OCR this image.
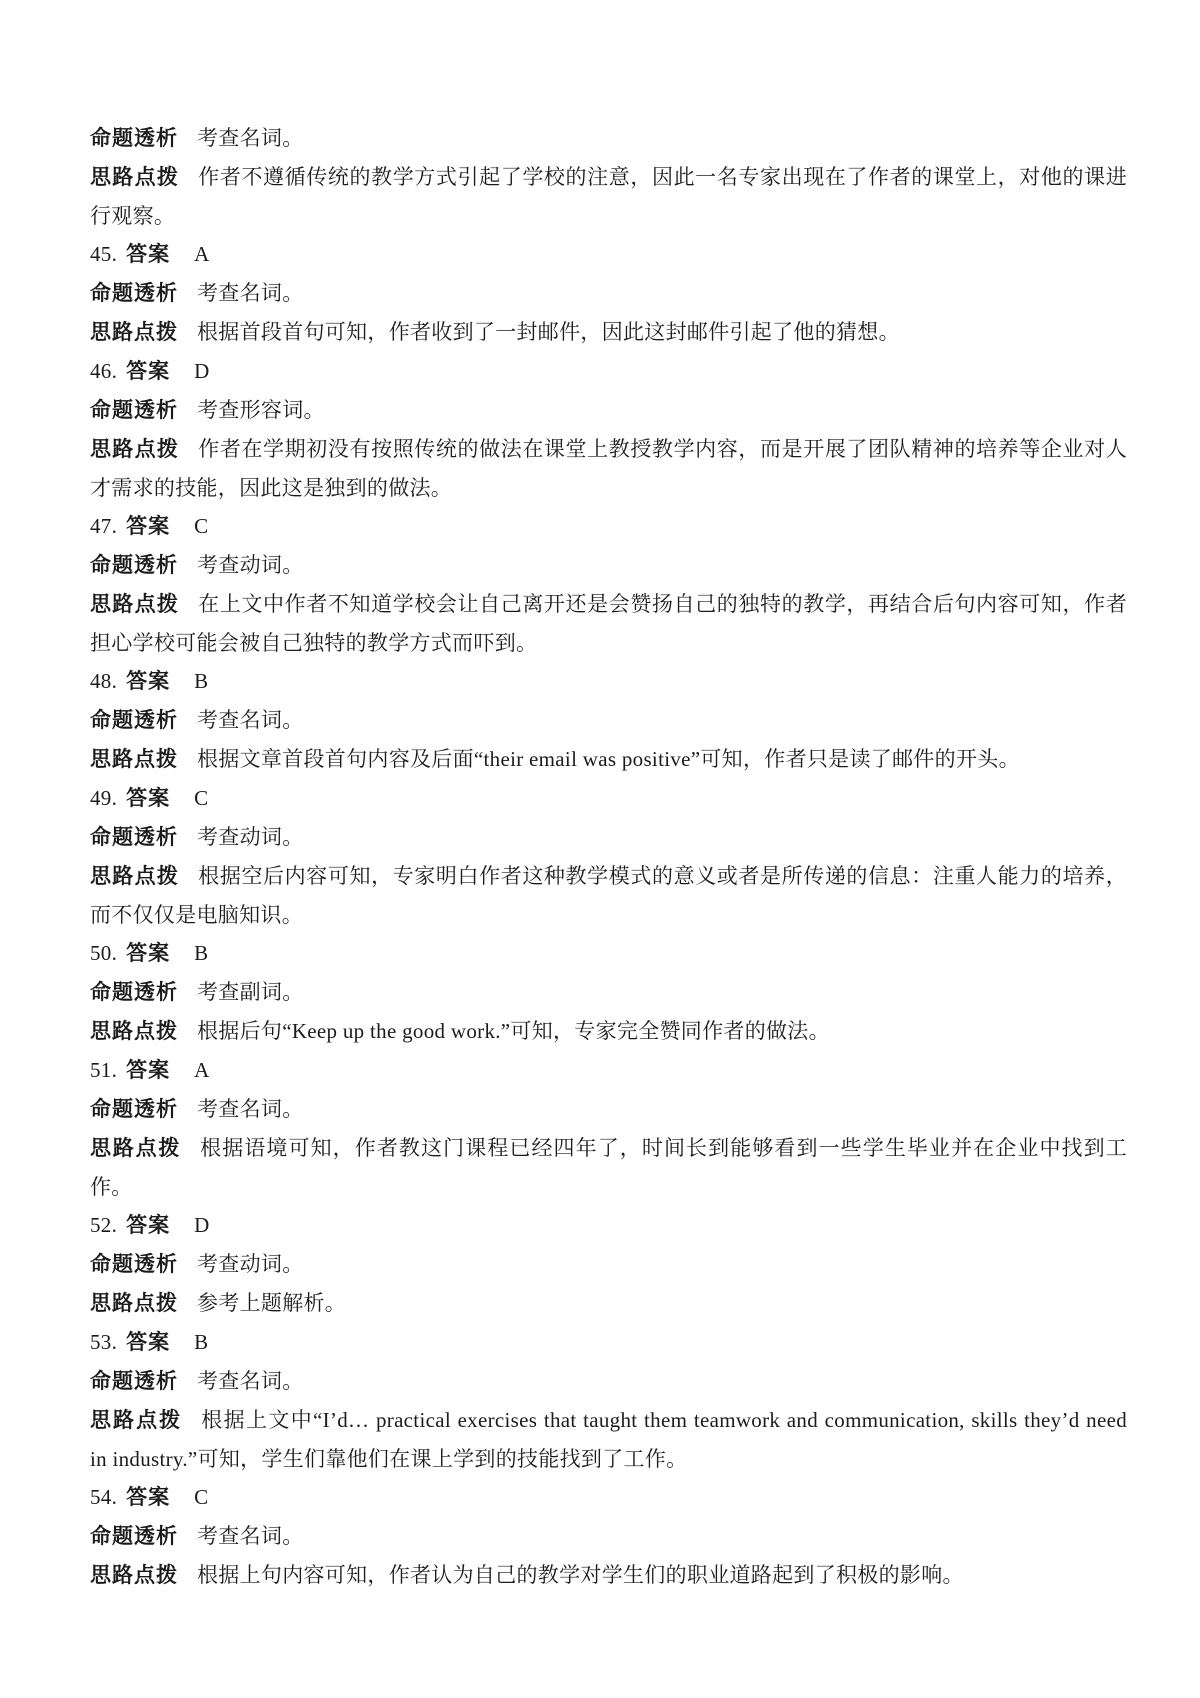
命题透析 考查名词。

思路点拨 作者不遵循传统的教学方式引起了学校的注意，因此一名专家出现在了作者的课堂上，对他的课进行观察。

45. 答案 A

命题透析 考查名词。

思路点拨 根据首段首句可知，作者收到了一封邮件，因此这封邮件引起了他的猜想。

46. 答案 D

命题透析 考查形容词。

思路点拨 作者在学期初没有按照传统的做法在课堂上教授教学内容，而是开展了团队精神的培养等企业对人才需求的技能，因此这是独到的做法。

47. 答案 C

命题透析 考查动词。

思路点拨 在上文中作者不知道学校会让自己离开还是会赞扬自己的独特的教学，再结合后句内容可知，作者担心学校可能会被自己独特的教学方式而吓到。

48. 答案 B

命题透析 考查名词。

思路点拨 根据文章首段首句内容及后面“their email was positive”可知，作者只是读了邮件的开头。

49. 答案 C

命题透析 考查动词。

思路点拨 根据空后内容可知，专家明白作者这种教学模式的意义或者是所传递的信息：注重人能力的培养，而不仅仅是电脑知识。

50. 答案 B

命题透析 考查副词。

思路点拨 根据后句“Keep up the good work.”可知，专家完全赞同作者的做法。

51. 答案 A

命题透析 考查名词。

思路点拨 根据语境可知，作者教这门课程已经四年了，时间长到能够看到一些学生毕业并在企业中找到工作。

52. 答案 D

命题透析 考查动词。

思路点拨 参考上题解析。

53. 答案 B

命题透析 考查名词。

思路点拨 根据上文中“I’d… practical exercises that taught them teamwork and communication, skills they’d need in industry.”可知，学生们靠他们在课上学到的技能找到了工作。

54. 答案 C

命题透析 考查名词。

思路点拨 根据上句内容可知，作者认为自己的教学对学生们的职业道路起到了积极的影响。
